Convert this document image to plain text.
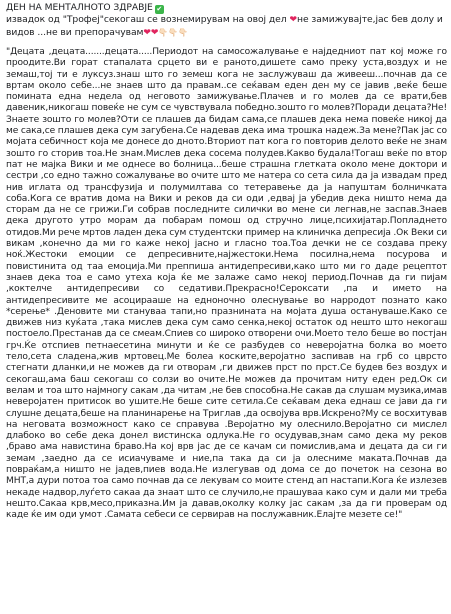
ДЕН НА МЕНТАЛНОТО ЗДРАВЈЕ ✔
извадок од "Трофеј"секогаш се вознемирувам на овој дел ❤не замижувајте,јас бев долу и
видов ...не ви препорачувам❤❤👇🏻👇🏻👇🏻

"Децата ,децата.......децата.....Периодот на самосожалување е најдедниот пат кој може го проодите.Ви горат стапалата срцето ви е раното,дишете само преку устa,воздух и не земаш,тој ти е луксуз.знаш што го земеш кога не заслужуваш да живееш...почнав да се вртам около себе...не знаев што да правам..се сеќавам еден ден му се јавив ,веќе беше помината една недела од неговото замижување.Плачев и го молев да се врати,бев давеник,никогаш повеќе не сум се чувствувала победно.зошто го молев?Поради децата?Не!Знаете зошто го молев?Оти се плашев да бидам сама,се плашев дека нема повеќе никој да ме сака,се плашев дека сум загубена.Се надевав дека има трошка надеж.За мене?Пак јас со мојата себичност која ме донесе до дното.Вториот пат кога го повторив делото веќе не знам зошто го сторив тоа.Не знам.Мислев дека сосема полудев.Какво будала!Тогаш веќе по втор пат не мајка Вики и ме однесе во болница...беше страшна глеткaта около мене доктори и сестри ,со едно тажно сожалување во очите што ме натера со сета сила да ја извадам пред нив иглата од трансфузија и полумилтава со тетеравење да ја напуштам болничката соба.Кога се вратив дома на Вики и рекoв да си оди ,едвај ја убедив дека ништо нема да сторам да не се грижи.Ги собрав последните силички во мене си легнав,не заспав.Знаев дека другото утро морам да побарам помош од стручно лице,психијатар.Попладнето отидов.Ми рече мртов ладен дека сум студентски пример на клиничка депресија .Ок Веки си викам ,конечно да ми го каже некој јасно и гласно тоа.Тоа дечки не се создава преку ноќ.Жестоки емоции се депресивните,најжестоки.Нема посилна,нема посурова и повистинита од таа емоција.Ми преппиша антидепресиви,како што ми го даде рецептот знаев дека тоа е само утеха која ќе ме залаже само некој период.Почнав да ги пијам ,коктелче антидепресиви со седативи.Прекрасно!Сероксати ,па и името на антидепресивите ме асоцирааше на едноночно олеснување во нарродот познато како *серење* .Деновите ми стануваа тапи,но празнината на мојата душа остануваше.Како се движев низ куќата ,така мислев дека сум само сенка,некој остаток од нешто што некогаш постоело.Престанав да се смеам.Спиев со широко отворени очи.Моето тело беше во постјан грч.Ќе отспиев петнаесетина минути и ќе се разбудев со невероjатна болка во моето тело,сета сладена,жив мртовец.Ме болеа коските,веројатно заспивав на грб со цврсто стегнати дланки,и не можев да ги отворам ,ги движев прст по прст.Се будев без воздух и секогаш,ама баш секогаш со солзи во очите.Не можев да прочитам ниту еден ред.Ок си велам и тоа што најмногу сакам ,да читам ,не бев способна.Не сакав да слушам музика,имав неверојатен притисок во ушите.Не беше сите сетила.Се сеќавам дека еднаш се јави да ги слушне децата,беше на планинарење на Триглав ,да освојува врв.Искрено?Му се восхитував на неговата возможност како се справува .Веројатно му олеснило.Веројатно си мислел длабоко во себе дека донел вистинска одлука.Не го осудував,знам само дека му реков ,браво ама навистина браво.На кој врв јас де се качам си помислив,ама и децата да си ги земам ,заедно да се исиачуваме и ние,па така да си ја олесниме маката.Почнав да повраќам,а ништо не јадев,пиев вода.Не излегував од дома се до почеток на сезона во МНТ,а дури потоа тоа само почнав да се лекувам со моите стенд ап настапи.Кога ќе излезев некаде надвор,луѓето сакаа да знаат што се случило,не прашуваа како сум и дали ми треба нешто.Сакаа крв,месо,приказна.Им ја давав,околку колку јас сакам ,за да ги проверам од каде ќе им оди умот .Самата себеси се сервирав на послужавник.Елајте мезете се!"
